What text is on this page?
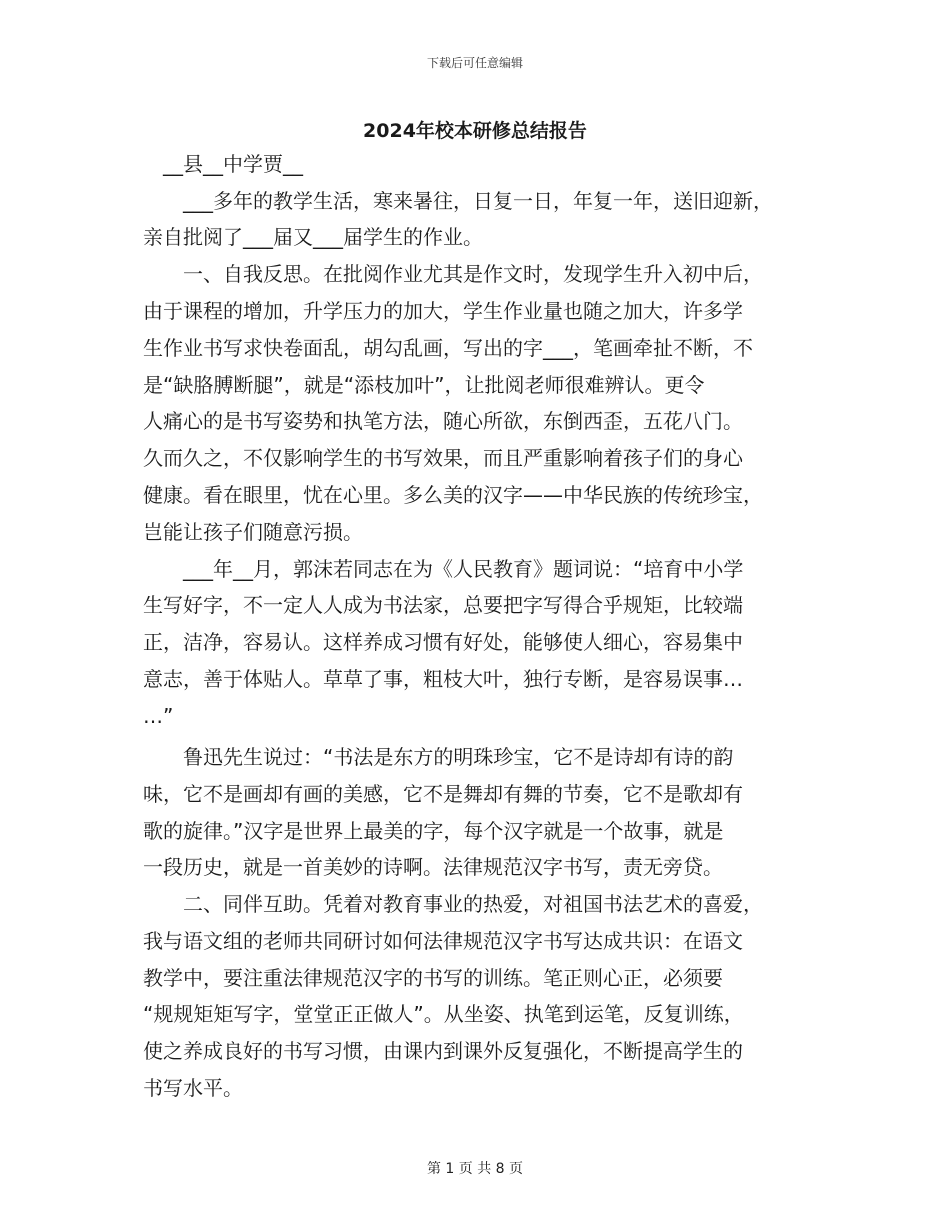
下载后可任意编辑
2024年校本研修总结报告
　__县__中学贾__
　　___多年的教学生活，寒来暑往，日复一日，年复一年，送旧迎新，
亲自批阅了___届又___届学生的作业。
　　一、自我反思。在批阅作业尤其是作文时，发现学生升入初中后，
由于课程的增加，升学压力的加大，学生作业量也随之加大，许多学
生作业书写求快卷面乱，胡勾乱画，写出的字___，笔画牵扯不断，不
是“缺胳膊断腿”，就是“添枝加叶”，让批阅老师很难辨认。更令
人痛心的是书写姿势和执笔方法，随心所欲，东倒西歪，五花八门。
久而久之，不仅影响学生的书写效果，而且严重影响着孩子们的身心
健康。看在眼里，忧在心里。多么美的汉字——中华民族的传统珍宝，
岂能让孩子们随意污损。
　　___年__月，郭沫若同志在为《人民教育》题词说：“培育中小学
生写好字，不一定人人成为书法家，总要把字写得合乎规矩，比较端
正，洁净，容易认。这样养成习惯有好处，能够使人细心，容易集中
意志，善于体贴人。草草了事，粗枝大叶，独行专断，是容易误事…
…”
　　鲁迅先生说过：“书法是东方的明珠珍宝，它不是诗却有诗的韵
味，它不是画却有画的美感，它不是舞却有舞的节奏，它不是歌却有
歌的旋律。”汉字是世界上最美的字，每个汉字就是一个故事，就是
一段历史，就是一首美妙的诗啊。法律规范汉字书写，责无旁贷。
　　二、同伴互助。凭着对教育事业的热爱，对祖国书法艺术的喜爱，
我与语文组的老师共同研讨如何法律规范汉字书写达成共识：在语文
教学中，要注重法律规范汉字的书写的训练。笔正则心正，必须要
“规规矩矩写字，堂堂正正做人”。从坐姿、执笔到运笔，反复训练，
使之养成良好的书写习惯，由课内到课外反复强化，不断提高学生的
书写水平。
第 1 页 共 8 页
